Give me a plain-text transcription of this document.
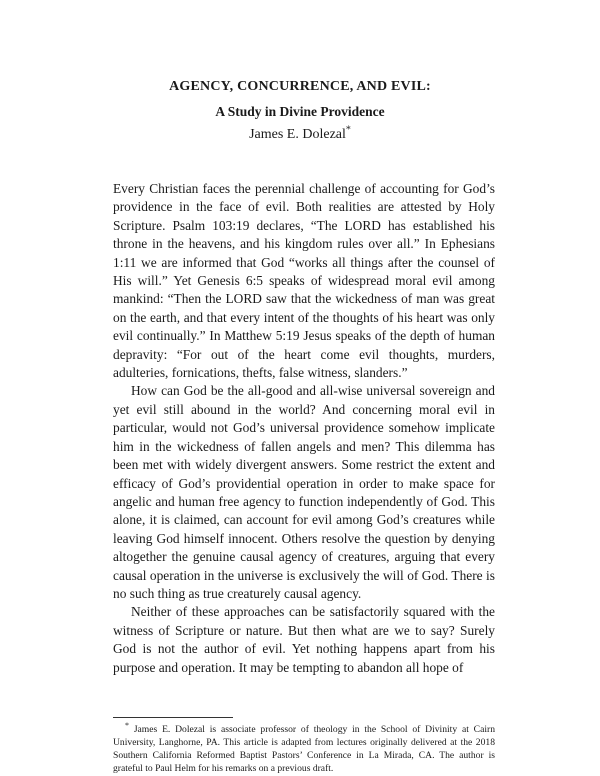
AGENCY, CONCURRENCE, AND EVIL:
A Study in Divine Providence
James E. Dolezal*

Every Christian faces the perennial challenge of accounting for God’s providence in the face of evil. Both realities are attested by Holy Scripture. Psalm 103:19 declares, “The LORD has established his throne in the heavens, and his kingdom rules over all.” In Ephesians 1:11 we are informed that God “works all things after the counsel of His will.” Yet Genesis 6:5 speaks of widespread moral evil among mankind: “Then the LORD saw that the wickedness of man was great on the earth, and that every intent of the thoughts of his heart was only evil continually.” In Matthew 5:19 Jesus speaks of the depth of human depravity: “For out of the heart come evil thoughts, murders, adulteries, fornications, thefts, false witness, slanders.”

How can God be the all-good and all-wise universal sovereign and yet evil still abound in the world? And concerning moral evil in particular, would not God’s universal providence somehow implicate him in the wickedness of fallen angels and men? This dilemma has been met with widely divergent answers. Some restrict the extent and efficacy of God’s providential operation in order to make space for angelic and human free agency to function independently of God. This alone, it is claimed, can account for evil among God’s creatures while leaving God himself innocent. Others resolve the question by denying altogether the genuine causal agency of creatures, arguing that every causal operation in the universe is exclusively the will of God. There is no such thing as true creaturely causal agency.

Neither of these approaches can be satisfactorily squared with the witness of Scripture or nature. But then what are we to say? Surely God is not the author of evil. Yet nothing happens apart from his purpose and operation. It may be tempting to abandon all hope of

* James E. Dolezal is associate professor of theology in the School of Divinity at Cairn University, Langhorne, PA. This article is adapted from lectures originally delivered at the 2018 Southern California Reformed Baptist Pastors’ Conference in La Mirada, CA. The author is grateful to Paul Helm for his remarks on a previous draft.
